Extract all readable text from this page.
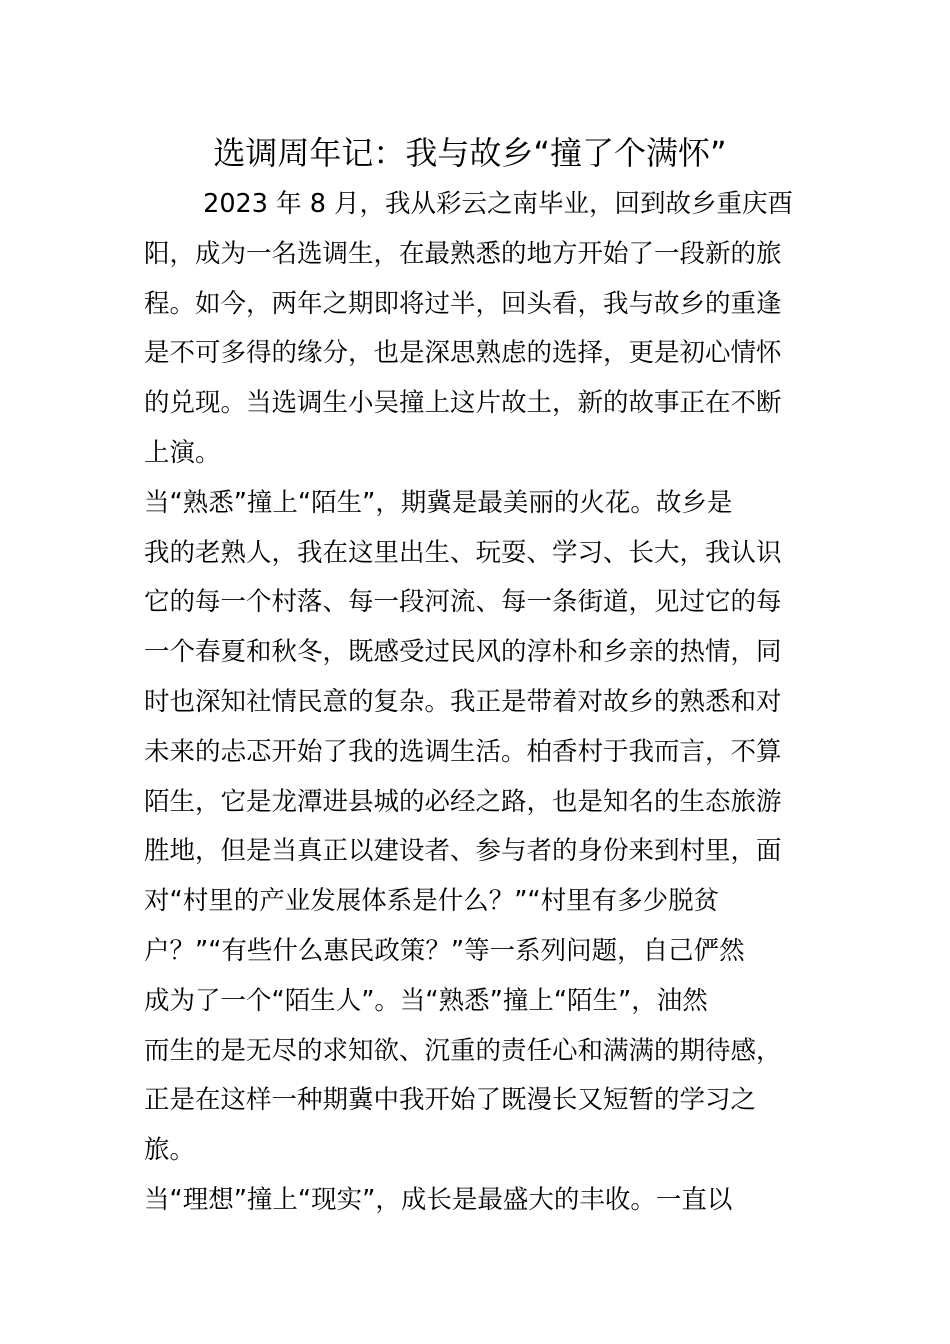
选调周年记：我与故乡“撞了个满怀”
　　 2023 年 8 月，我从彩云之南毕业，回到故乡重庆酉
阳，成为一名选调生，在最熟悉的地方开始了一段新的旅
程。如今，两年之期即将过半，回头看，我与故乡的重逢
是不可多得的缘分，也是深思熟虑的选择，更是初心情怀
的兑现。当选调生小吴撞上这片故土，新的故事正在不断
上演。
当“熟悉”撞上“陌生”，期冀是最美丽的火花。故乡是
我的老熟人，我在这里出生、玩耍、学习、长大，我认识
它的每一个村落、每一段河流、每一条街道，见过它的每
一个春夏和秋冬，既感受过民风的淳朴和乡亲的热情，同
时也深知社情民意的复杂。我正是带着对故乡的熟悉和对
未来的忐忑开始了我的选调生活。柏香村于我而言，不算
陌生，它是龙潭进县城的必经之路，也是知名的生态旅游
胜地，但是当真正以建设者、参与者的身份来到村里，面
对“村里的产业发展体系是什么？”“村里有多少脱贫
户？”“有些什么惠民政策？”等一系列问题，自己俨然
成为了一个“陌生人”。当“熟悉”撞上“陌生”，油然
而生的是无尽的求知欲、沉重的责任心和满满的期待感，
正是在这样一种期冀中我开始了既漫长又短暂的学习之
旅。
当“理想”撞上“现实”，成长是最盛大的丰收。一直以
